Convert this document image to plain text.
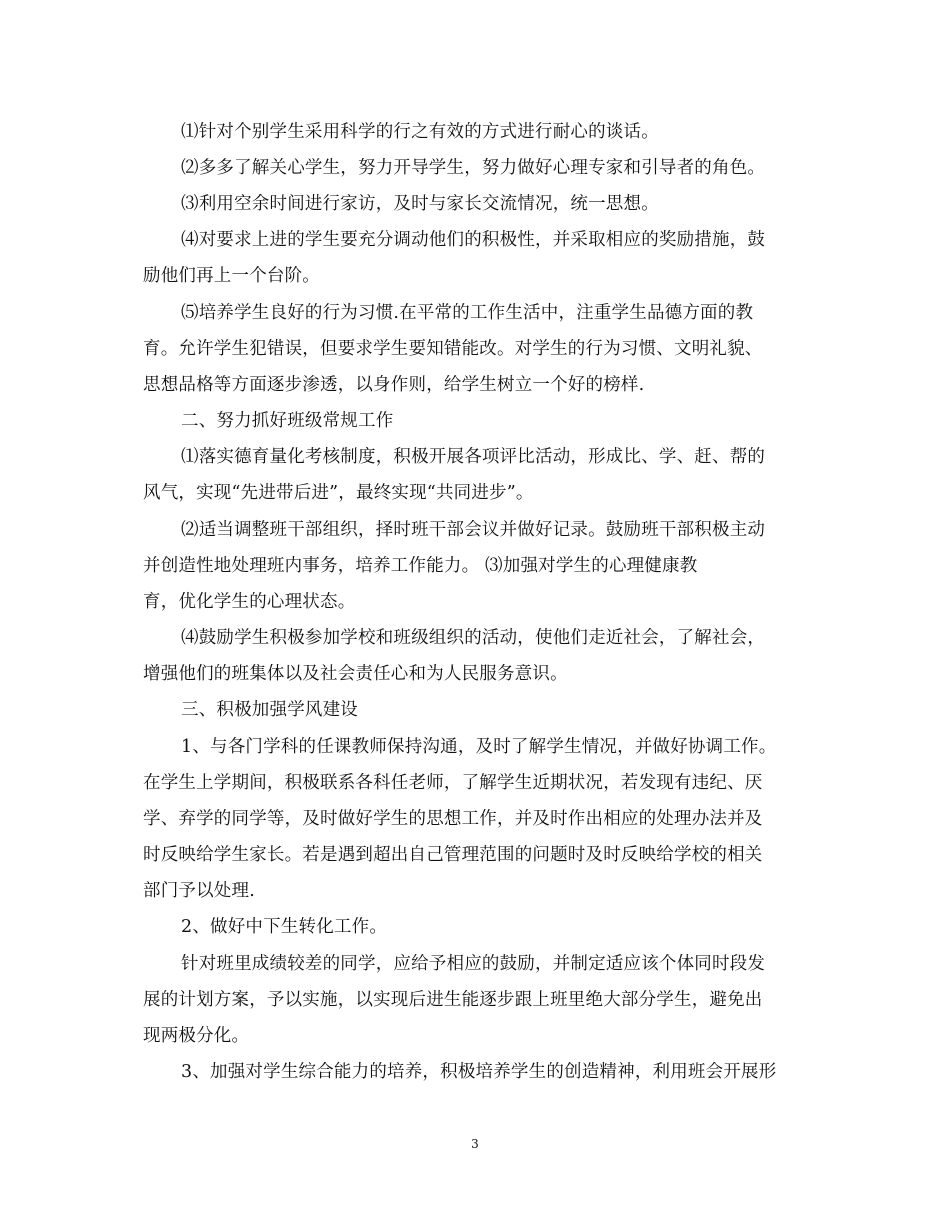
⑴针对个别学生采用科学的行之有效的方式进行耐心的谈话。
⑵多多了解关心学生，努力开导学生，努力做好心理专家和引导者的角色。
⑶利用空余时间进行家访，及时与家长交流情况，统一思想。
⑷对要求上进的学生要充分调动他们的积极性，并采取相应的奖励措施，鼓
励他们再上一个台阶。
⑸培养学生良好的行为习惯.在平常的工作生活中，注重学生品德方面的教
育。允许学生犯错误，但要求学生要知错能改。对学生的行为习惯、文明礼貌、
思想品格等方面逐步渗透，以身作则，给学生树立一个好的榜样.
二、努力抓好班级常规工作
⑴落实德育量化考核制度，积极开展各项评比活动，形成比、学、赶、帮的
风气，实现“先进带后进”，最终实现“共同进步”。
⑵适当调整班干部组织，择时班干部会议并做好记录。鼓励班干部积极主动
并创造性地处理班内事务，培养工作能力。 ⑶加强对学生的心理健康教
育，优化学生的心理状态。
⑷鼓励学生积极参加学校和班级组织的活动，使他们走近社会，了解社会，
增强他们的班集体以及社会责任心和为人民服务意识。
三、积极加强学风建设
1、与各门学科的任课教师保持沟通，及时了解学生情况，并做好协调工作。
在学生上学期间，积极联系各科任老师，了解学生近期状况，若发现有违纪、厌
学、弃学的同学等，及时做好学生的思想工作，并及时作出相应的处理办法并及
时反映给学生家长。若是遇到超出自己管理范围的问题时及时反映给学校的相关
部门予以处理.
2、做好中下生转化工作。
针对班里成绩较差的同学，应给予相应的鼓励，并制定适应该个体同时段发
展的计划方案，予以实施，以实现后进生能逐步跟上班里绝大部分学生，避免出
现两极分化。
3、加强对学生综合能力的培养，积极培养学生的创造精神，利用班会开展形
3
